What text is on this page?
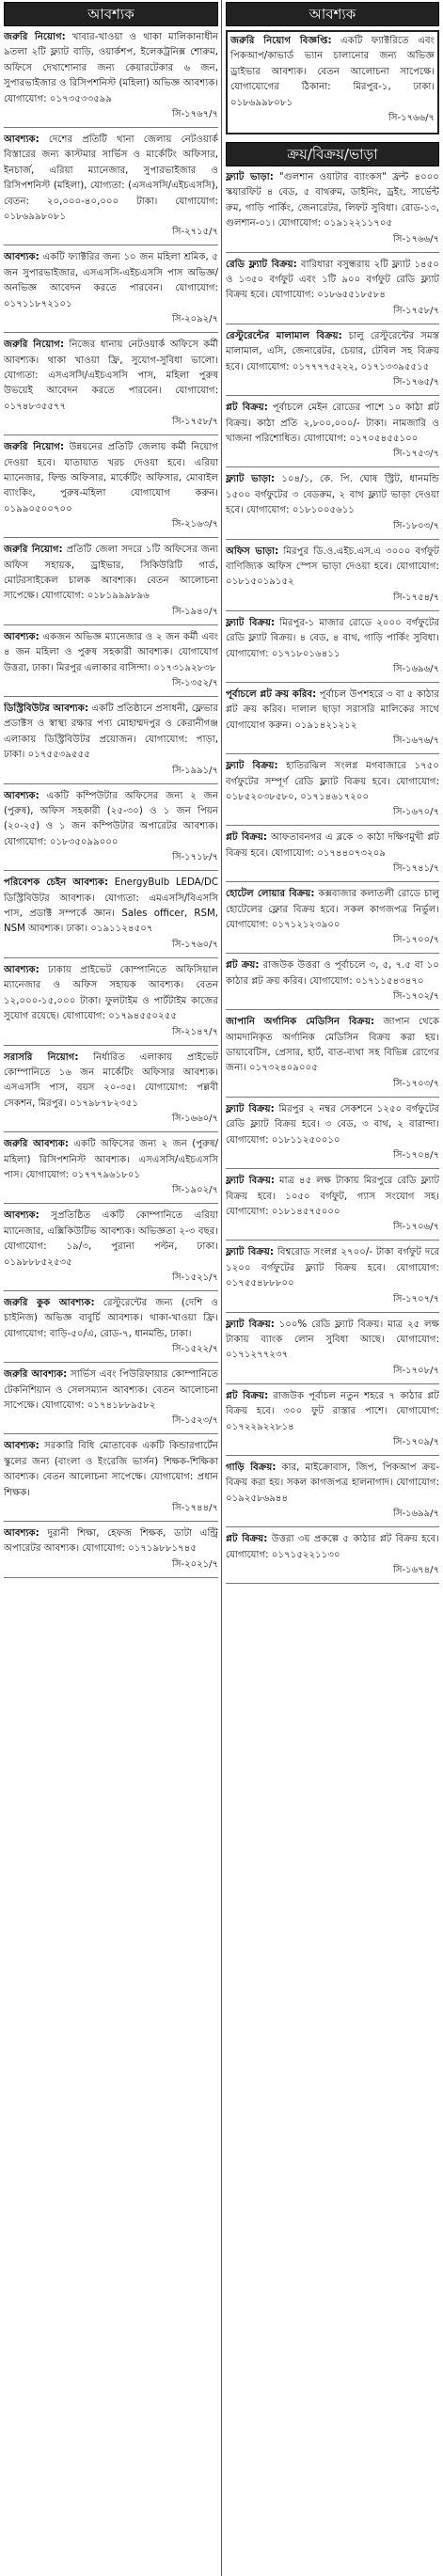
আবশ্যক

জরুরি নিয়োগ: খাবার-খাওয়া ও থাকা মালিকানাধীন ৯তলা ২টি ফ্ল্যাট বাড়ি, ওয়ার্কশপ, ইলেকট্রনিক্স শোরুম, অফিসে দেখাশোনার জন্য কেয়ারটেকার ৬ জন, সুপারভাইজার ও রিসিপশনিস্ট (মহিলা) অভিজ্ঞ আবশ্যক। যোগাযোগ: ০১৭৩৫৩৩৫৯৯
সি-১৭৬৭/৭

আবশ্যক: দেশের প্রতিটি থানা জেলায় নেটওয়ার্ক বিস্তারের জন্য কাস্টমার সার্ভিস ও মার্কেটিং অফিসার, ইনচার্জ, এরিয়া ম্যানেজার, সুপারভাইজার ও রিসিপশনিস্ট (মহিলা), যোগ্যতা: (এসএসসি/এইচএসসি), বেতন: ২০,০০০-৪০,০০০ টাকা। যোগাযোগ: ০১৮৬৯৯৮০৮১
সি-২৭১৫/৭

আবশ্যক: একটি ফ্যাক্টরির জন্য ১০ জন মহিলা শ্রমিক, ৫ জন সুপারভাইজার, এসএসসি-এইচএসসি পাস অভিজ্ঞ/অনভিজ্ঞ আবেদন করতে পারবেন। যোগাযোগ: ০১৭১১৮৭২১০১
সি-২০৯২/৭

জরুরি নিয়োগ: নিজের ধানায় নেটওয়ার্ক অফিসে কর্মী আবশ্যক। থাকা খাওয়া ফ্রি, সুযোগ-সুবিধা ভালো। যোগ্যতা: এসএসসি/এইচএসসি পাস, মহিলা পুরুষ উভয়েই আবেদন করতে পারবেন। যোগাযোগ: ০১৭৪৮৩৫৫৭৭
সি-১৭৫৮/৭

জরুরি নিয়োগ: উন্নয়নের প্রতিটি জেলায় কর্মী নিয়োগ দেওয়া হবে। যাতায়াত খরচ দেওয়া হবে। এরিয়া ম্যানেজার, ফিল্ড অফিসার, মার্কেটিং অফিসার, মোবাইল ব্যাংকিং, পুরুষ-মহিলা যোগাযোগ করুন। ০১৯৯০৫০০৭০০
সি-২১৬৩/৭

জরুরি নিয়োগ: প্রতিটি জেলা সদরে ১টি অফিসের জন্য অফিস সহায়ক, ড্রাইভার, সিকিউরিটি গার্ড, মোটরসাইকেল চালক আবশ্যক। বেতন আলোচনা সাপেক্ষে। যোগাযোগ: ০১৮১৯৯৯৮৯৬
সি-১৯৪০/৭

আবশ্যক: একজন অভিজ্ঞ ম্যানেজার ও ২ জন কর্মী এবং ৪ জন মহিলা ও পুরুষ সহকারী আবশ্যক। যোগাযোগ উত্তরা, ঢাকা। মিরপুর এলাকার বাসিন্দা। ০১৭৩১৯২৮৩৮
সি-১৩৫২/৭

ডিস্ট্রিবিউটর আবশ্যক: একটি প্রতিষ্ঠানে প্রসাধনী, ফ্লেভার প্রডাক্টস ও স্বাস্থ্য রক্ষার পণ্য মোহাম্মদপুর ও কেরানীগঞ্জ এলাকায় ডিস্ট্রিবিউটর প্রয়োজন। যোগাযোগ: পাড়া, ঢাকা। ০১৭৫৫৩৯৫৫৫
সি-১৯৯১/৭

আবশ্যক: একটি কম্পিউটার অফিসের জন্য ২ জন (পুরুষ), অফিস সহকারী (২৫-৩০) ও ১ জন পিয়ন (২০-২৫) ও ১ জন কম্পিউটার অপারেটর আবশ্যক। যোগাযোগ: ০১৮৩৫০৯৯০০০
সি-১৭১৮/৭

পরিবেশক চেইন আবশ্যক: EnergyBulb LEDA/DC ডিস্ট্রিবিউটর আবশ্যক। যোগ্যতা: এমএসসি/বিএসসি পাস, প্রডাক্ট সম্পর্কে জ্ঞান। Sales officer, RSM, NSM আবশ্যক। ঢাকা। ০১৯১১২৪৫০৭
সি-১৭৬০/৭

আবশ্যক: ঢাকায় প্রাইভেট কোম্পানিতে অফিসিয়াল ম্যানেজার ও অফিস সহায়ক আবশ্যক। বেতন ১২,০০০-১৫,০০০ টাকা। ফুলটাইম ও পার্টটাইম কাজের সুযোগ রয়েছে। যোগাযোগ: ০১৭৯৪৫৫০২৫৫
সি-২১৪৭/৭

সরাসরি নিয়োগ: নির্ধারিত এলাকায় প্রাইভেট কোম্পানিতে ১৬ জন মার্কেটিং অফিসার আবশ্যক। এসএসসি পাস, বয়স ২০-৩৫। যোগাযোগ: পল্লবী সেকশন, মিরপুর। ০১৭৯৮৭৮২৩৫১
সি-১৬৬০/৭

জরুরি আবশ্যক: একটি অফিসের জন্য ২ জন (পুরুষ/মহিলা) রিসিপশনিস্ট আবশ্যক। এসএসসি/এইচএসসি পাস। যোগাযোগ: ০১৭৭৭৯৬১৮০১
সি-১৯০২/৭

আবশ্যক: সুপ্রতিষ্ঠিত একটি কোম্পানিতে এরিয়া ম্যানেজার, এক্সিকিউটিভ আবশ্যক। অভিজ্ঞতা ২-৩ বছর। যোগাযোগ: ১৯/৩, পুরানা পল্টন, ঢাকা। ০১৯৮৮৮৫২৫৩৫
সি-১৫২১/৭

জরুরি কুক আবশ্যক: রেস্টুরেন্টের জন্য (দেশি ও চাইনিজ) অভিজ্ঞ বাবুর্চি আবশ্যক। থাকা-খাওয়া ফ্রি। যোগাযোগ: বাড়ি-৫০/এ, রোড-৭, ধানমন্ডি, ঢাকা।
সি-১৫২২/৭

জরুরি আবশ্যক: সার্ভিস এবং পিউরিফায়ার কোম্পানিতে টেকনিশিয়ান ও সেলসম্যান আবশ্যক। বেতন আলোচনা সাপেক্ষে। যোগাযোগ: ০১৭৪১৮৮৯৫৮২
সি-১৫২৩/৭

আবশ্যক: সরকারি বিধি মোতাবেক একটি কিন্ডারগার্টেন স্কুলের জন্য (বাংলা ও ইংরেজি ভার্সন) শিক্ষক-শিক্ষিকা আবশ্যক। বেতন আলোচনা সাপেক্ষে। যোগাযোগ: প্রধান শিক্ষক।
সি-১৭৪৪/৭

আবশ্যক: দুরানী শিক্ষা, হেফজ শিক্ষক, ডাটা এন্ট্রি অপারেটর আবশ্যক। যোগাযোগ: ০১৭১৯৮৮১৭৪৫
সি-২০২১/৭

আবশ্যক

জরুরি নিয়োগ বিজ্ঞপ্তি: একটি ফ্যাক্টরিতে এবং পিকআপ/কাভার্ড ভ্যান চালানোর জন্য অভিজ্ঞ ড্রাইভার আবশ্যক। বেতন আলোচনা সাপেক্ষে। যোগাযোগের ঠিকানা: মিরপুর-১, ঢাকা। ০১৮৬৯৯৮০৮১
সি-১৭৬৬/৭

ক্রয়/বিক্রয়/ভাড়া

ফ্ল্যাট ভাড়া: "গুলশান ওয়াটার ব্যাংকস" ফ্রন্ট ৪০০০ স্কয়ারফিট ৪ বেড, ৫ বাথরুম, ডাইনিং, ড্রইং, সার্ভেন্ট রুম, গাড়ি পার্কিং, জেনারেটর, লিফট সুবিধা। রোড-১৩, গুলশান-০১। যোগাযোগ: ০১৯১২২১১৭০৫
সি-১৭৬৬/৭

রেডি ফ্ল্যাট বিক্রয়: বারিধারা বসুন্ধরায় ২টি ফ্ল্যাট ১৪৫০ ও ১৩৫০ বর্গফুট এবং ১টি ৯০০ বর্গফুট রেডি ফ্ল্যাট বিক্রয় হবে। যোগাযোগ: ০১৮৬৫৫১৮৫৮৪
সি-১৭৫৮/৭

রেস্টুরেন্টের মালামাল বিক্রয়: চালু রেস্টুরেন্টের সমস্ত মালামাল, এসি, জেনারেটর, চেয়ার, টেবিল সহ বিক্রয় হবে। যোগাযোগ: ০১৭৭৭৭৫২২২, ০১৭১৩৩৯৫৫১৫
সি-১৭৬৫/৭

প্লট বিক্রয়: পূর্বাচলে মেইন রোডের পাশে ১০ কাঠা প্লট বিক্রয়। কাঠা প্রতি ২,৮০০,০০০/- টাকা। নামজারি ও খাজনা পরিশোধিত। যোগাযোগ: ০১৭০৫৪৫৫১০০
সি-১৭৫৩/৭

ফ্ল্যাট ভাড়া: ১০৪/১, কে. পি. ঘোষ স্ট্রিট, ধানমন্ডি ১৫০০ বর্গফুটের ৩ বেডরুম, ২ বাথ ফ্ল্যাট ভাড়া দেওয়া হবে। যোগাযোগ: ০১৮১০০৫৬১১
সি-১৮০৩/৭

অফিস ভাড়া: মিরপুর ডি.ও.এইচ.এস.এ ৩০০০ বর্গফুট বাণিজ্যিক অফিস স্পেস ভাড়া দেওয়া হবে। যোগাযোগ: ০১৮১৫০১৯১৫২
সি-১৭৫৪/৭

ফ্ল্যাট বিক্রয়: মিরপুর-১ মাজার রোডে ২০০০ বর্গফুটের রেডি ফ্ল্যাট বিক্রয়। ৪ বেড, ৪ বাথ, গাড়ি পার্কিং সুবিধা। যোগাযোগ: ০১৭১৮০১৬৪১১
সি-১৬৯৬/৭

পূর্বাচলে প্লট ক্রয় করিব: পূর্বাচল উপশহরে ৩ বা ৫ কাঠার প্লট ক্রয় করিব। দালাল ছাড়া সরাসরি মালিকের সাথে যোগাযোগ করুন। ০১৯১৪২১২১২
সি-১৬৭৬/৭

ফ্ল্যাট বিক্রয়: হাতিরঝিল সংলগ্ন মগবাজারে ১৭৫০ বর্গফুটের সম্পূর্ণ রেডি ফ্ল্যাট বিক্রয় হবে। যোগাযোগ: ০১৮৫২০৩৮৫৮০, ০১৭১৪৬১৭২০০
সি-১৬৭০/৭

প্লট বিক্রয়: আফতাবনগর এ ব্লকে ৩ কাঠা দক্ষিণমুখী প্লট বিক্রয় হবে। যোগাযোগ: ০১৭৪৪০৭৩২০৯
সি-১৭৪১/৭

হোটেল লোয়ার বিক্রয়: কক্সবাজার কলাতলী রোডে চালু হোটেলের ফ্লোর বিক্রয় হবে। সকল কাগজপত্র নির্ভুল। যোগাযোগ: ০১৭১২১২৩৯০০
সি-১৭০০/৭

প্লট ক্রয়: রাজউক উত্তরা ও পূর্বাচলে ৩, ৫, ৭.৫ বা ১০ কাঠার প্লট ক্রয় করিব। যোগাযোগ: ০১৭১১৫৪৩৪৭০
সি-১৭০২/৭

জাপানি অর্গানিক মেডিসিন বিক্রয়: জাপান থেকে আমদানিকৃত অর্গানিক মেডিসিন বিক্রয় করা হয়। ডায়াবেটিস, প্রেসার, হার্ট, বাত-ব্যথা সহ বিভিন্ন রোগের জন্য। ০১৭৩২৪০৯০০৫
সি-১৭০৩/৭

ফ্ল্যাট বিক্রয়: মিরপুর ২ নম্বর সেকশনে ১২৫০ বর্গফুটের রেডি ফ্ল্যাট বিক্রয় হবে। ৩ বেড, ৩ বাথ, ২ বারান্দা। যোগাযোগ: ০১৮১১২৫০০১০
সি-১৭০৪/৭

ফ্ল্যাট বিক্রয়: মাত্র ৪৫ লক্ষ টাকায় মিরপুরে রেডি ফ্ল্যাট বিক্রয় হবে। ১০৫০ বর্গফুট, গ্যাস সংযোগ সহ। যোগাযোগ: ০১৮১৪৫৭৫০০০
সি-১৭০৬/৭

ফ্ল্যাট বিক্রয়: বিশ্বরোড সংলগ্ন ২৭০০/- টাকা বর্গফুট দরে ১২০০ বর্গফুটের ফ্ল্যাট বিক্রয় হবে। যোগাযোগ: ০১৭৫৫৪৮৮৮০০
সি-১৭০৭/৭

ফ্ল্যাট বিক্রয়: ১০০% রেডি ফ্ল্যাট বিক্রয়। মাত্র ২৫ লক্ষ টাকায় ব্যাংক লোন সুবিধা আছে। যোগাযোগ: ০১৭১২৭৭২৩৭
সি-১৭০৮/৭

প্লট বিক্রয়: রাজউক পূর্বাচল নতুন শহরে ৭ কাঠার প্লট বিক্রয় হবে। ৩০০ ফুট রাস্তার পাশে। যোগাযোগ: ০১৭২২৯২২৮১৪
সি-১৭০৯/৭

গাড়ি বিক্রয়: কার, মাইক্রোবাস, জিপ, পিকআপ ক্রয়-বিক্রয় করা হয়। সকল কাগজপত্র হালনাগাদ। যোগাযোগ: ০১৯২৫৮৬৯৪৪
সি-১৬৯৯/৭

প্লট বিক্রয়: উত্তরা ৩য় প্রকল্পে ৫ কাঠার প্লট বিক্রয় হবে। যোগাযোগ: ০১৭১৫২২১১৩০
সি-১৬৭৪/৭
